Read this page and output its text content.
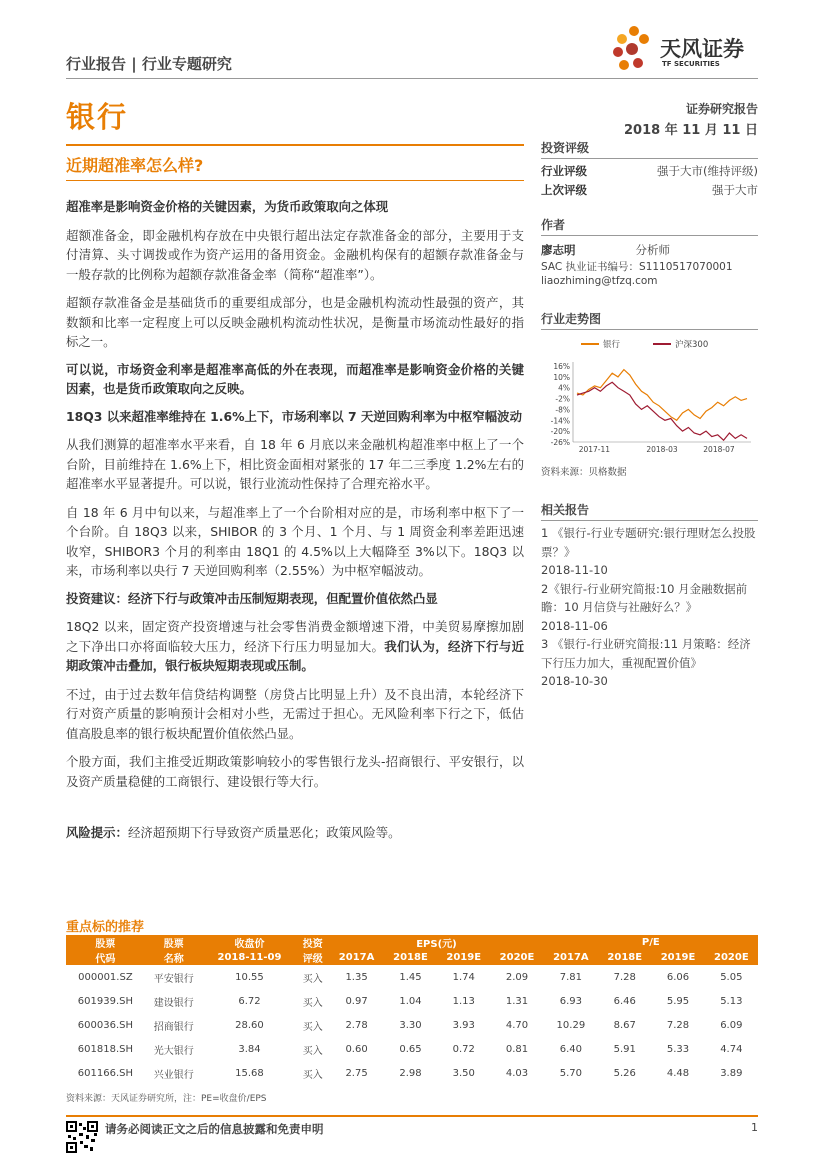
行业报告 | 行业专题研究
天风证券
TF SECURITIES
银行	证券研究报告
2018 年 11 月 11 日
近期超准率怎么样?

超准率是影响资金价格的关键因素，为货币政策取向之体现

超额准备金，即金融机构存放在中央银行超出法定存款准备金的部分，主要用于支付清算、头寸调拨或作为资产运用的备用资金。金融机构保有的超额存款准备金与一般存款的比例称为超额存款准备金率（简称“超准率”）。

超额存款准备金是基础货币的重要组成部分，也是金融机构流动性最强的资产，其数额和比率一定程度上可以反映金融机构流动性状况，是衡量市场流动性最好的指标之一。

可以说，市场资金利率是超准率高低的外在表现，而超准率是影响资金价格的关键因素，也是货币政策取向之反映。

18Q3 以来超准率维持在 1.6%上下，市场利率以 7 天逆回购利率为中枢窄幅波动

从我们测算的超准率水平来看，自 18 年 6 月底以来金融机构超准率中枢上了一个台阶，目前维持在 1.6%上下，相比资金面相对紧张的 17 年二三季度 1.2%左右的超准率水平显著提升。可以说，银行业流动性保持了合理充裕水平。

自 18 年 6 月中旬以来，与超准率上了一个台阶相对应的是，市场利率中枢下了一个台阶。自 18Q3 以来，SHIBOR 的 3 个月、1 个月、与 1 周资金利率差距迅速收窄，SHIBOR3 个月的利率由 18Q1 的 4.5%以上大幅降至 3%以下。18Q3 以来，市场利率以央行 7 天逆回购利率（2.55%）为中枢窄幅波动。

投资建议：经济下行与政策冲击压制短期表现，但配置价值依然凸显

18Q2 以来，固定资产投资增速与社会零售消费金额增速下滑，中美贸易摩擦加剧之下净出口亦将面临较大压力，经济下行压力明显加大。我们认为，经济下行与近期政策冲击叠加，银行板块短期表现或压制。

不过，由于过去数年信贷结构调整（房贷占比明显上升）及不良出清，本轮经济下行对资产质量的影响预计会相对小些，无需过于担心。无风险利率下行之下，低估值高股息率的银行板块配置价值依然凸显。

个股方面，我们主推受近期政策影响较小的零售银行龙头-招商银行、平安银行，以及资产质量稳健的工商银行、建设银行等大行。

风险提示：经济超预期下行导致资产质量恶化；政策风险等。

投资评级
行业评级	强于大市(维持评级)
上次评级	强于大市
作者
廖志明	分析师
SAC 执业证书编号：S1110517070001
liaozhiming@tfzq.com
行业走势图
银行	沪深300
16%
10%
4%
-2%
-8%
-14%
-20%
-26%
2017-11	2018-03	2018-07
资料来源：贝格数据
相关报告
1 《银行-行业专题研究:银行理财怎么投股票？》
2018-11-10
2《银行-行业研究简报:10 月金融数据前瞻：10 月信贷与社融好么？》
2018-11-06
3 《银行-行业研究简报:11 月策略：经济下行压力加大，重视配置价值》
2018-10-30
重点标的推荐
股票	股票	收盘价	投资	EPS(元)				P/E			
代码	名称	2018-11-09	评级	2017A	2018E	2019E	2020E	2017A	2018E	2019E	2020E
000001.SZ	平安银行	10.55	买入	1.35	1.45	1.74	2.09	7.81	7.28	6.06	5.05
601939.SH	建设银行	6.72	买入	0.97	1.04	1.13	1.31	6.93	6.46	5.95	5.13
600036.SH	招商银行	28.60	买入	2.78	3.30	3.93	4.70	10.29	8.67	7.28	6.09
601818.SH	光大银行	3.84	买入	0.60	0.65	0.72	0.81	6.40	5.91	5.33	4.74
601166.SH	兴业银行	15.68	买入	2.75	2.98	3.50	4.03	5.70	5.26	4.48	3.89
资料来源：天风证券研究所，注：PE=收盘价/EPS
请务必阅读正文之后的信息披露和免责申明	1
